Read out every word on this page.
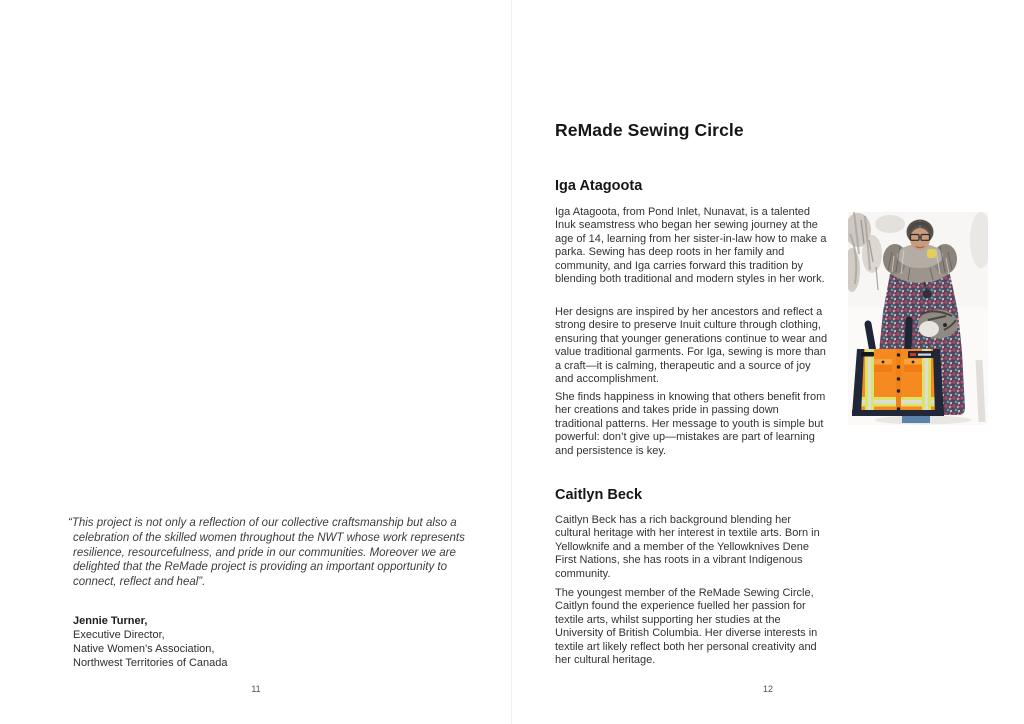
“This project is not only a reflection of our collective craftsmanship but also a celebration of the skilled women throughout the NWT whose work represents resilience, resourcefulness, and pride in our communities. Moreover we are delighted that the ReMade project is providing an important opportunity to connect, reflect and heal”.
Jennie Turner,
Executive Director,
Native Women’s Association,
Northwest Territories of Canada
11
ReMade Sewing Circle
Iga Atagoota

Iga Atagoota, from Pond Inlet, Nunavat, is a talented Inuk seamstress who began her sewing journey at the age of 14, learning from her sister-in-law how to make a parka. Sewing has deep roots in her family and community, and Iga carries forward this tradition by blending both traditional and modern styles in her work.

Her designs are inspired by her ancestors and reflect a strong desire to preserve Inuit culture through clothing, ensuring that younger generations continue to wear and value traditional garments. For Iga, sewing is more than a craft—it is calming, therapeutic and a source of joy and accomplishment.

She finds happiness in knowing that others benefit from her creations and takes pride in passing down traditional patterns. Her message to youth is simple but powerful: don’t give up—mistakes are part of learning and persistence is key.

Caitlyn Beck

Caitlyn Beck has a rich background blending her cultural heritage with her interest in textile arts. Born in Yellowknife and a member of the Yellowknives Dene First Nations, she has roots in a vibrant Indigenous community.

The youngest member of the ReMade Sewing Circle, Caitlyn found the experience fuelled her passion for textile arts, whilst supporting her studies at the University of British Columbia. Her diverse interests in textile art likely reflect both her personal creativity and her cultural heritage.

12
